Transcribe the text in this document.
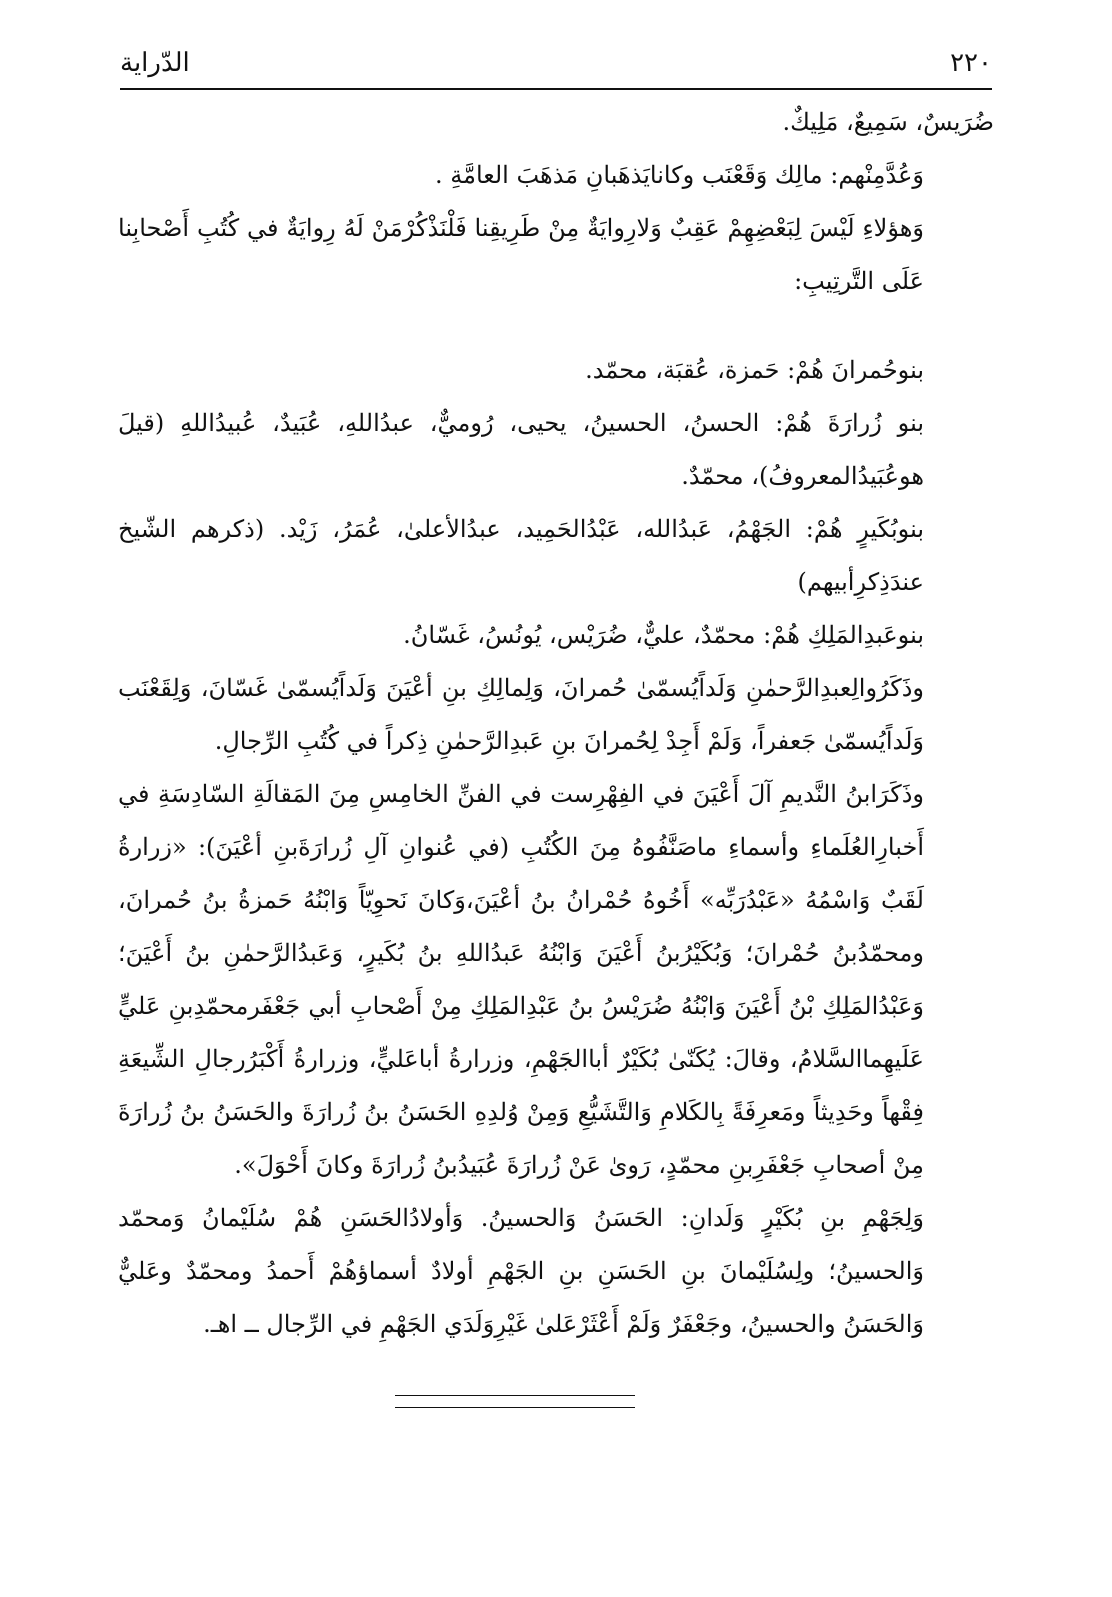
٢٢٠
الدّراية

ضُرَيسٌ، سَمِيعٌ، مَلِيكٌ.

وَعُدَّمِنْهم: مالِك وَقَعْنَب وكانايَذهَبانِ مَذهَبَ العامَّةِ .

وَهؤلاءِ لَيْسَ لِبَعْضِهِمْ عَقِبٌ وَلارِوايَةٌ مِنْ طَرِيقِنا فَلْنَذْكُرْمَنْ لَهُ رِوايَةٌ في كُتُبِ أَصْحابِنا عَلَى التَّرتِيبِ:

بنوحُمرانَ هُمْ: حَمزة، عُقبَة، محمّد.

بنو زُرارَةَ هُمْ: الحسنُ، الحسينُ، يحيى، رُوميٌّ، عبدُاللهِ، عُبَيدٌ، عُبيدُاللهِ (قيلَ هوعُبَيدُالمعروفُ)، محمّدٌ.

بنوبُكَيرٍ هُمْ: الجَهْمُ، عَبدُالله، عَبْدُالحَمِيد، عبدُالأعلىٰ، عُمَرُ، زَيْد. (ذكرهم الشّيخ عندَذِكرِأبيهم)

بنوعَبدِالمَلِكِ هُمْ: محمّدٌ، عليٌّ، ضُرَيْس، يُونُسُ، غَسّانُ.

وذَكَرُوالِعبدِالرَّحمٰنِ وَلَداًيُسمّىٰ حُمرانَ، وَلِمالِكِ بنِ أعْيَنَ وَلَداًيُسمّىٰ غَسّانَ، وَلِقَعْنَب وَلَداًيُسمّىٰ جَعفراً، وَلَمْ أَجِدْ لِحُمرانَ بنِ عَبدِالرَّحمٰنِ ذِكراً في كُتُبِ الرِّجالِ.

وذَكَرَابنُ النَّديمِ آلَ أَعْيَنَ في الفِهْرِست في الفنِّ الخامِسِ مِنَ المَقالَةِ السّادِسَةِ في أَخبارِالعُلَماءِ وأسماءِ ماصَنَّفُوهُ مِنَ الكُتُبِ (في عُنوانِ آلِ زُرارَةَبنِ أعْيَنَ): «زرارةُ لَقَبٌ وَاسْمُهُ «عَبْدُرَبِّه» أَخُوهُ حُمْرانُ بنُ أعْيَنَ،وَكانَ نَحوِيّاً وَابْنُهُ حَمزةُ بنُ حُمرانَ، ومحمّدُبنُ حُمْرانَ؛ وَبُكَيْرُبنُ أَعْيَنَ وَابْنُهُ عَبدُاللهِ بنُ بُكَيرٍ، وَعَبدُالرَّحمٰنِ بنُ أَعْيَنَ؛ وَعَبْدُالمَلِكِ بْنُ أَعْيَنَ وَابْنُهُ ضُرَيْسُ بنُ عَبْدِالمَلِكِ مِنْ أَصْحابِ أبي جَعْفَرمحمّدِبنِ عَليٍّ عَلَيهِماالسَّلامُ، وقالَ: يُكَنّىٰ بُكَيْرٌ أباالجَهْمِ، وزرارةُ أباعَليٍّ، وزرارةُ أَكْبَرُرجالِ الشِّيعَةِ فِقْهاً وحَدِيثاً ومَعرِفَةً بِالكَلامِ وَالتَّشَيُّعِ وَمِنْ وُلدِهِ الحَسَنُ بنُ زُرارَةَ والحَسَنُ بنُ زُرارَةَ مِنْ أصحابِ جَعْفَرِبنِ محمّدٍ، رَوىٰ عَنْ زُرارَةَ عُبَيدُبنُ زُرارَةَ وكانَ أَحْوَلَ».

وَلِجَهْمِ بنِ بُكَيْرٍ وَلَدانِ: الحَسَنُ وَالحسينُ. وَأولادُالحَسَنِ هُمْ سُلَيْمانُ وَمحمّد وَالحسينُ؛ ولِسُلَيْمانَ بنِ الحَسَنِ بنِ الجَهْمِ أولادٌ أسماؤهُمْ أَحمدُ ومحمّدٌ وعَليٌّ وَالحَسَنُ والحسينُ، وجَعْفَرٌ وَلَمْ أَعْثَرْعَلىٰ غَيْرِوَلَدَي الجَهْمِ في الرِّجال ــ اهـ.
